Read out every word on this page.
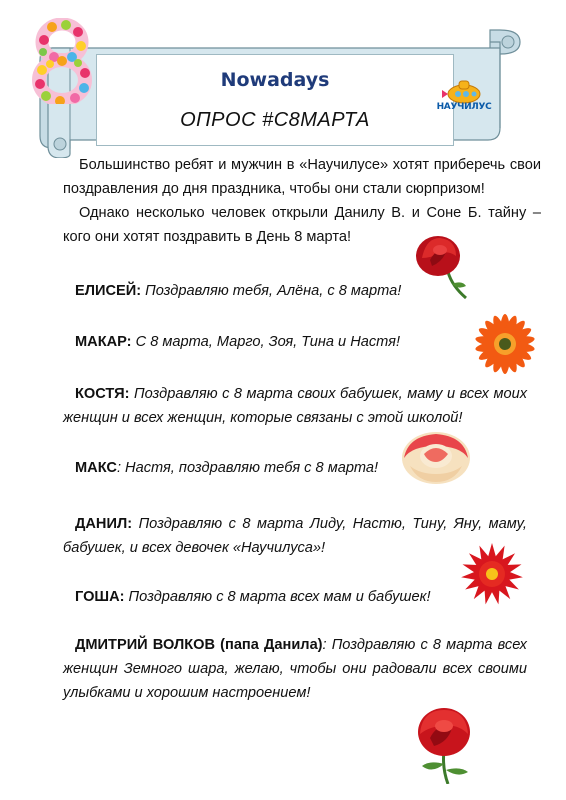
Nowadays
ОПРОС #С8МАРТА
НАУЧИЛУС

Большинство ребят и мужчин в «Научилусе» хотят приберечь свои поздравления до дня праздника, чтобы они стали сюрпризом!

Однако несколько человек открыли Данилу В. и Соне Б. тайну – кого они хотят поздравить в День 8 марта!

ЕЛИСЕЙ: Поздравляю тебя, Алёна, с 8 марта!
МАКАР: С 8 марта, Марго, Зоя, Тина и Настя!
КОСТЯ: Поздравляю с 8 марта своих бабушек, маму и всех моих женщин и всех женщин, которые связаны с этой школой!
МАКС: Настя, поздравляю тебя с 8 марта!
ДАНИЛ: Поздравляю с 8 марта Лиду, Настю, Тину, Яну, маму, бабушек, и всех девочек «Научилуса»!
ГОША: Поздравляю с 8 марта всех мам и бабушек!
ДМИТРИЙ ВОЛКОВ (папа Данила): Поздравляю с 8 марта всех женщин Земного шара, желаю, чтобы они радовали всех своими улыбками и хорошим настроением!
